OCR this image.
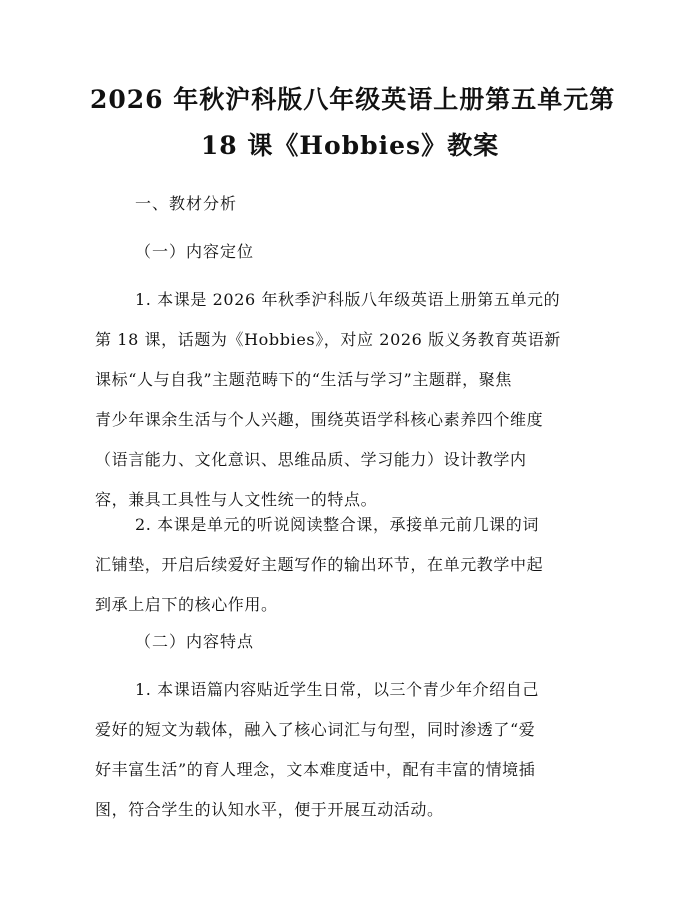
2026 年秋沪科版八年级英语上册第五单元第
18 课《Hobbies》教案
一、教材分析
（一）内容定位
1. 本课是 2026 年秋季沪科版八年级英语上册第五单元的
第 18 课，话题为《Hobbies》，对应 2026 版义务教育英语新
课标“人与自我”主题范畴下的“生活与学习”主题群，聚焦
青少年课余生活与个人兴趣，围绕英语学科核心素养四个维度
（语言能力、文化意识、思维品质、学习能力）设计教学内
容，兼具工具性与人文性统一的特点。
2. 本课是单元的听说阅读整合课，承接单元前几课的词
汇铺垫，开启后续爱好主题写作的输出环节，在单元教学中起
到承上启下的核心作用。
（二）内容特点
1. 本课语篇内容贴近学生日常，以三个青少年介绍自己
爱好的短文为载体，融入了核心词汇与句型，同时渗透了“爱
好丰富生活”的育人理念，文本难度适中，配有丰富的情境插
图，符合学生的认知水平，便于开展互动活动。
